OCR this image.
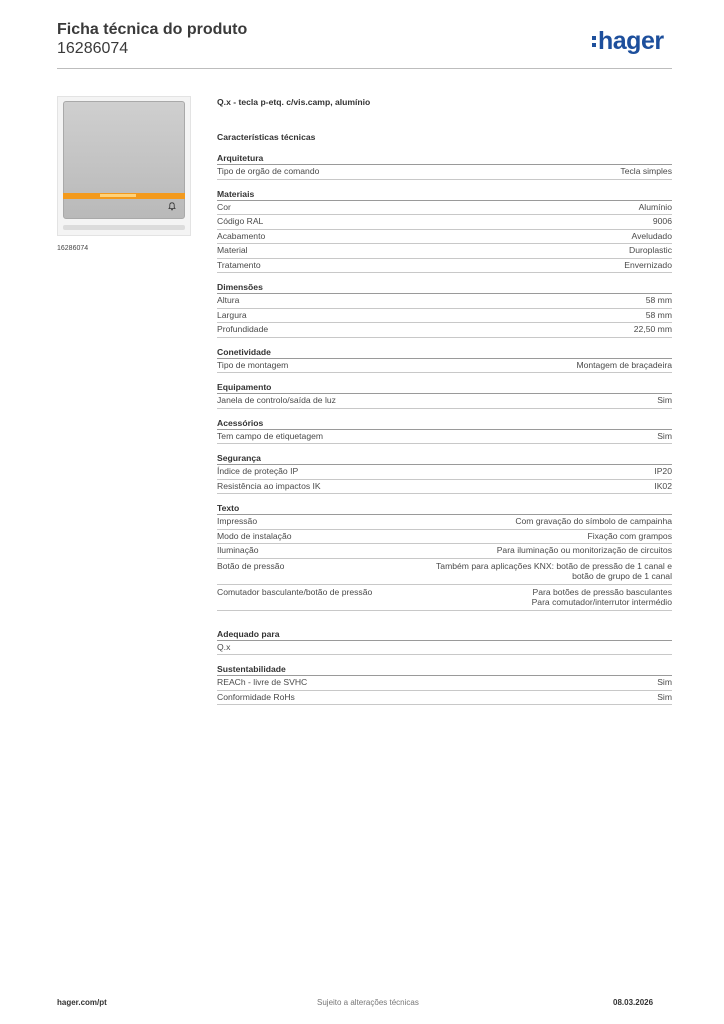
Ficha técnica do produto
16286074	hager
16286074
Q.x - tecla p-etq. c/vis.camp, alumínio
Características técnicas
Arquitetura
Tipo de orgão de comando	Tecla simples
Materiais
Cor	Alumínio
Código RAL	9006
Acabamento	Aveludado
Material	Duroplastic
Tratamento	Envernizado
Dimensões
Altura	58 mm
Largura	58 mm
Profundidade	22,50 mm
Conetividade
Tipo de montagem	Montagem de braçadeira
Equipamento
Janela de controlo/saída de luz	Sim
Acessórios
Tem campo de etiquetagem	Sim
Segurança
Índice de proteção IP	IP20
Resistência ao impactos IK	IK02
Texto
Impressão	Com gravação do símbolo de campainha
Modo de instalação	Fixação com grampos
Iluminação	Para iluminação ou monitorização de circuitos
Botão de pressão	Também para aplicações KNX: botão de pressão de 1 canal e
botão de grupo de 1 canal
Comutador basculante/botão de pressão	Para botões de pressão basculantes
Para comutador/interrutor intermédio
Adequado para
Q.x
Sustentabilidade
REACh - livre de SVHC	Sim
Conformidade RoHs	Sim
hager.com/pt	Sujeito a alterações técnicas	08.03.2026
